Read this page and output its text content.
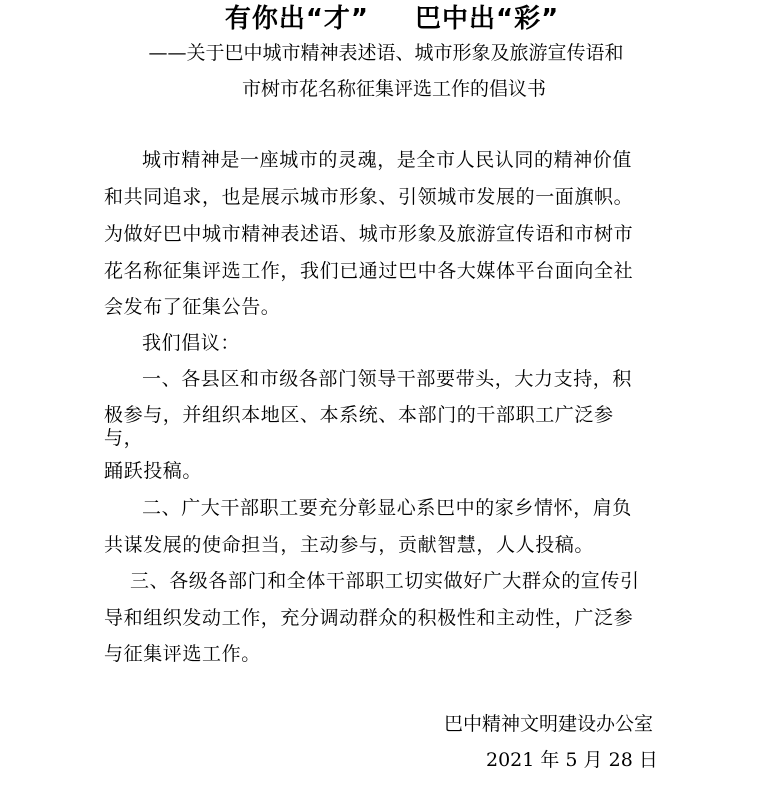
有你出“才” 巴中出“彩”
——关于巴中城市精神表述语、城市形象及旅游宣传语和
市树市花名称征集评选工作的倡议书
城市精神是一座城市的灵魂，是全市人民认同的精神价值
和共同追求，也是展示城市形象、引领城市发展的一面旗帜。
为做好巴中城市精神表述语、城市形象及旅游宣传语和市树市
花名称征集评选工作，我们已通过巴中各大媒体平台面向全社
会发布了征集公告。
我们倡议：
一、各县区和市级各部门领导干部要带头，大力支持，积
极参与，并组织本地区、本系统、本部门的干部职工广泛参
与，
踊跃投稿。
二、广大干部职工要充分彰显心系巴中的家乡情怀，肩负
共谋发展的使命担当，主动参与，贡献智慧，人人投稿。
三、各级各部门和全体干部职工切实做好广大群众的宣传引
导和组织发动工作，充分调动群众的积极性和主动性，广泛参
与征集评选工作。
巴中精神文明建设办公室
2021 年 5 月 28 日
